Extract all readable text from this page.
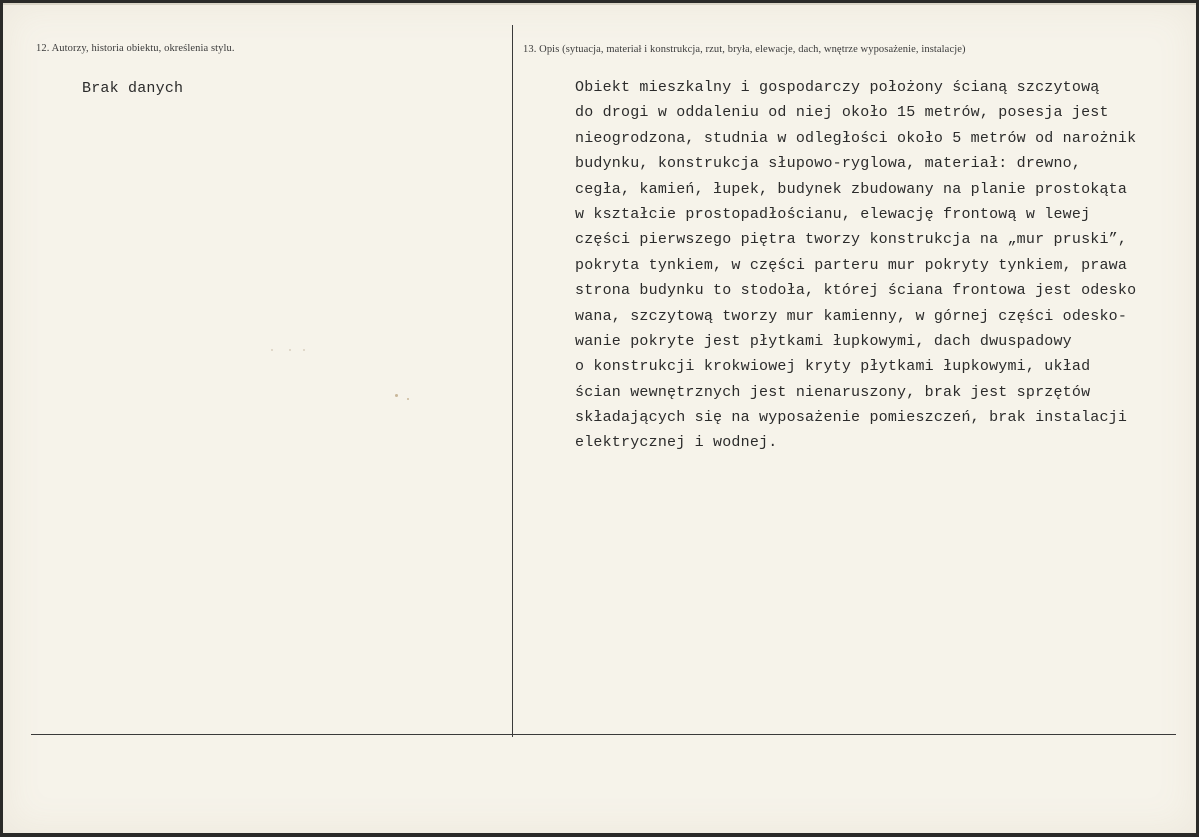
12. Autorzy, historia obiektu, określenia stylu.
Brak danych
13. Opis (sytuacja, materiał i konstrukcja, rzut, bryła, elewacje, dach, wnętrze wyposażenie, instalacje)
Obiekt mieszkalny i gospodarczy położony ścianą szczytową
do drogi w oddaleniu od niej około 15 metrów, posesja jest
nieogrodzona, studnia w odległości około 5 metrów od narożnik
budynku, konstrukcja słupowo-ryglowa, materiał: drewno,
cegła, kamień, łupek, budynek zbudowany na planie prostokąta
w kształcie prostopadłościanu, elewację frontową w lewej
części pierwszego piętra tworzy konstrukcja na „mur pruski”,
pokryta tynkiem, w części parteru mur pokryty tynkiem, prawa
strona budynku to stodoła, której ściana frontowa jest odesko
wana, szczytową tworzy mur kamienny, w górnej części odesko-
wanie pokryte jest płytkami łupkowymi, dach dwuspadowy
o konstrukcji krokwiowej kryty płytkami łupkowymi, układ
ścian wewnętrznych jest nienaruszony, brak jest sprzętów
składających się na wyposażenie pomieszczeń, brak instalacji
elektrycznej i wodnej.
